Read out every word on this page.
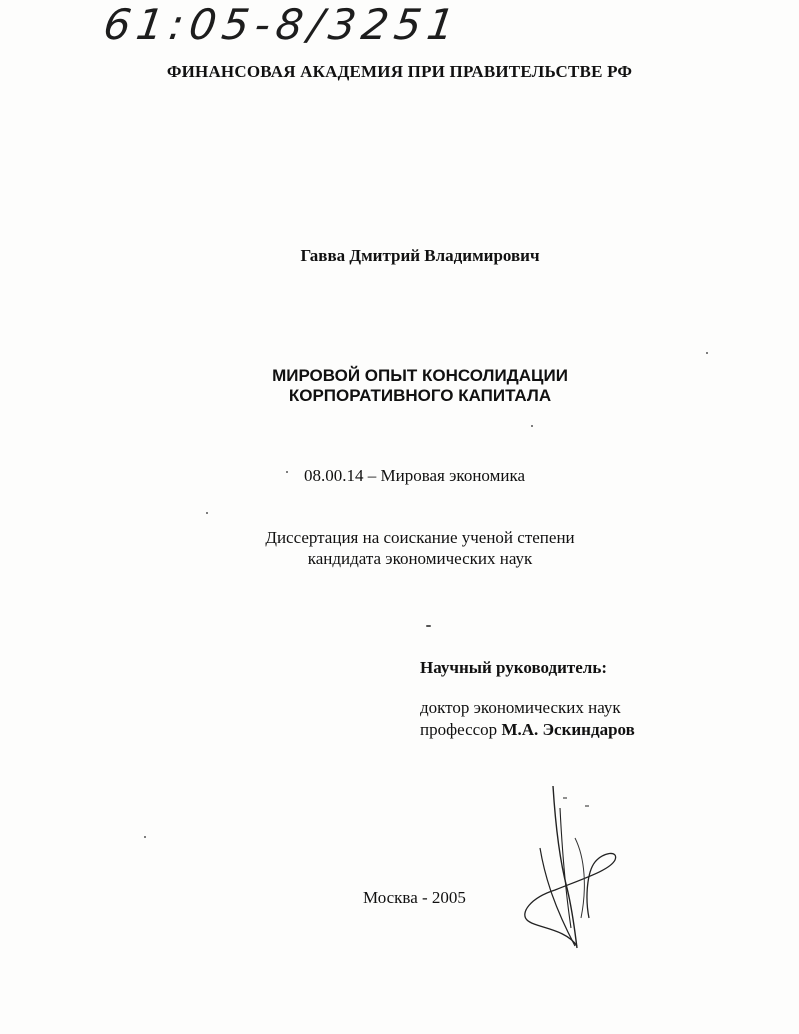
61:05-8/3251
ФИНАНСОВАЯ АКАДЕМИЯ ПРИ ПРАВИТЕЛЬСТВЕ РФ
Гавва Дмитрий Владимирович
МИРОВОЙ ОПЫТ КОНСОЛИДАЦИИ
КОРПОРАТИВНОГО КАПИТАЛА
08.00.14 – Мировая экономика
Диссертация на соискание ученой степени
кандидата экономических наук
Научный руководитель:
доктор экономических наук
профессор М.А. Эскиндаров
Москва - 2005
